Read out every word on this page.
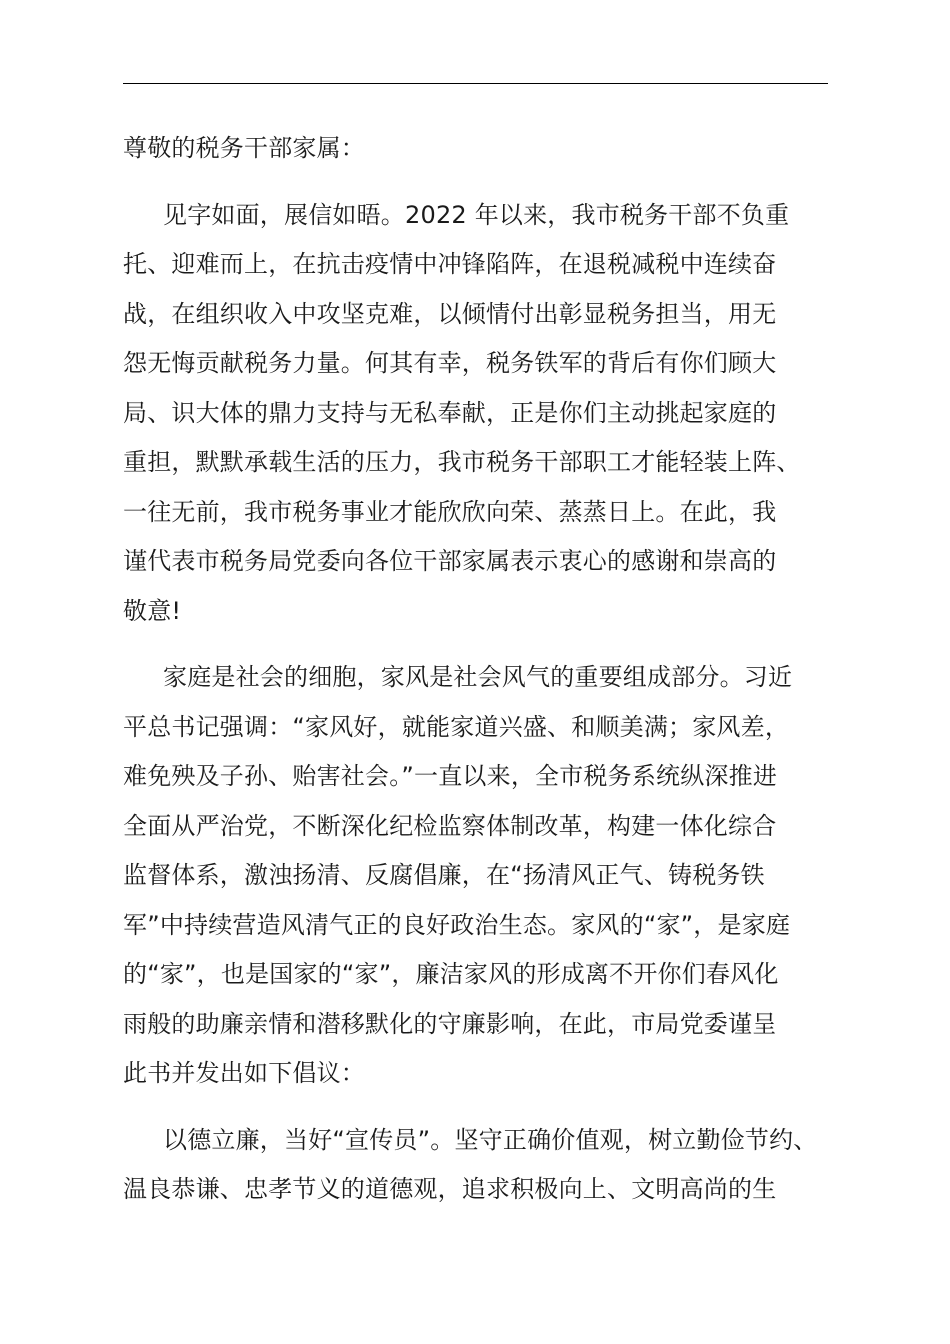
尊敬的税务干部家属：

见字如面，展信如晤。2022 年以来，我市税务干部不负重
托、迎难而上，在抗击疫情中冲锋陷阵，在退税减税中连续奋
战，在组织收入中攻坚克难，以倾情付出彰显税务担当，用无
怨无悔贡献税务力量。何其有幸，税务铁军的背后有你们顾大
局、识大体的鼎力支持与无私奉献，正是你们主动挑起家庭的
重担，默默承载生活的压力，我市税务干部职工才能轻装上阵、
一往无前，我市税务事业才能欣欣向荣、蒸蒸日上。在此，我
谨代表市税务局党委向各位干部家属表示衷心的感谢和崇高的
敬意!

家庭是社会的细胞，家风是社会风气的重要组成部分。习近
平总书记强调：“家风好，就能家道兴盛、和顺美满；家风差，
难免殃及子孙、贻害社会。”一直以来，全市税务系统纵深推进
全面从严治党，不断深化纪检监察体制改革，构建一体化综合
监督体系，激浊扬清、反腐倡廉，在“扬清风正气、铸税务铁
军”中持续营造风清气正的良好政治生态。家风的“家”，是家庭
的“家”，也是国家的“家”，廉洁家风的形成离不开你们春风化
雨般的助廉亲情和潜移默化的守廉影响，在此，市局党委谨呈
此书并发出如下倡议：

以德立廉，当好“宣传员”。坚守正确价值观，树立勤俭节约、
温良恭谦、忠孝节义的道德观，追求积极向上、文明高尚的生
